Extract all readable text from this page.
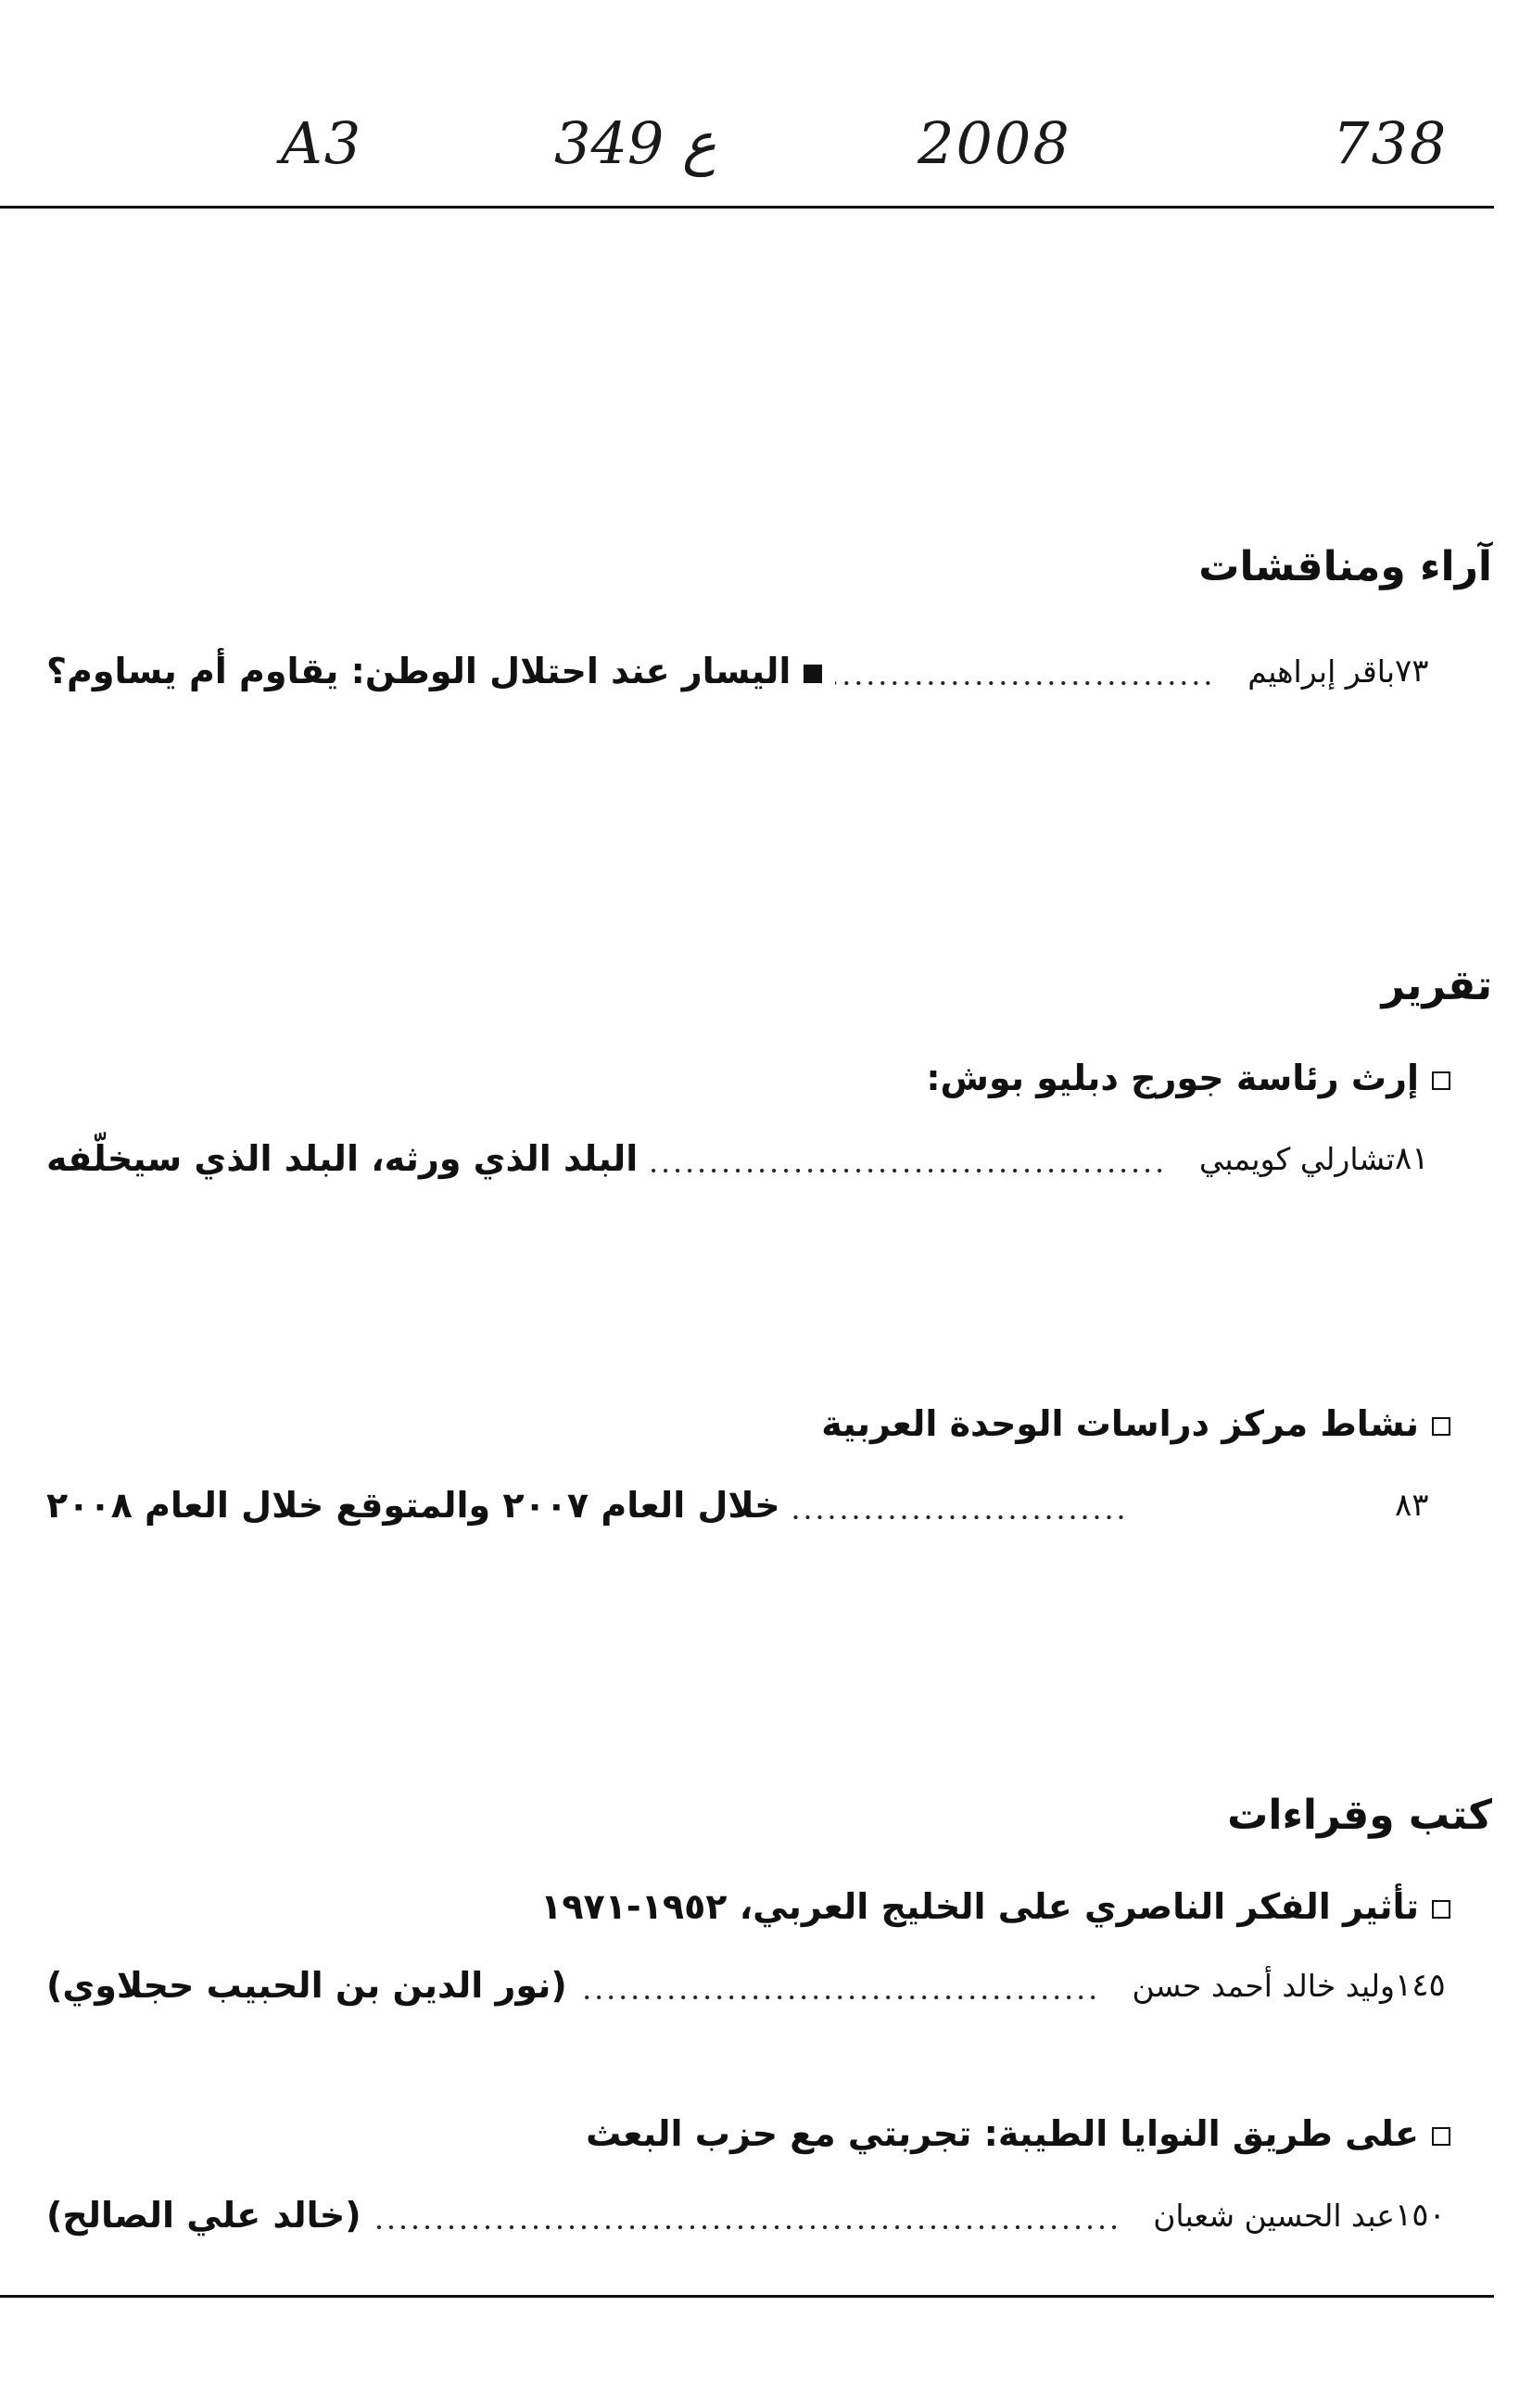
A3	349 ع	2008	738
آراء ومناقشات
اليسار عند احتلال الوطن: يقاوم أم يساوم؟	باقر إبراهيم ٧٣
تقرير
إرث رئاسة جورج دبليو بوش:
البلد الذي ورثه، البلد الذي سيخلّفه	تشارلي كويمبي ٨١
نشاط مركز دراسات الوحدة العربية
خلال العام ٢٠٠٧ والمتوقع خلال العام ٢٠٠٨	٨٣
كتب وقراءات
تأثير الفكر الناصري على الخليج العربي، ١٩٥٢-١٩٧١
(نور الدين بن الحبيب حجلاوي)	وليد خالد أحمد حسن ١٤٥
على طريق النوايا الطيبة: تجربتي مع حزب البعث
(خالد علي الصالح)	عبد الحسين شعبان ١٥٠
